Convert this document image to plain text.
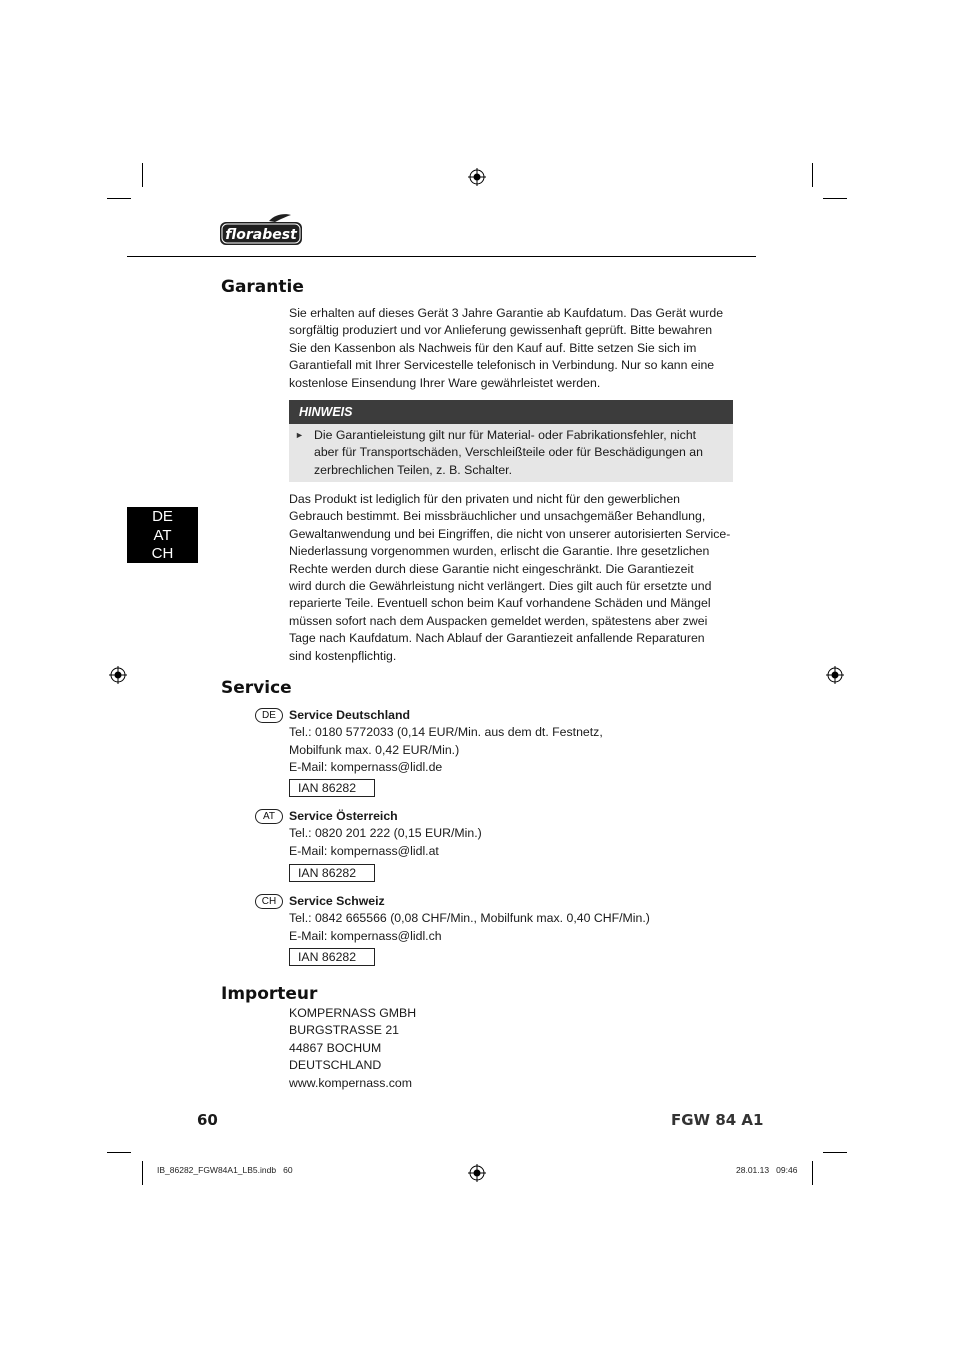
florabest
DE
AT
CH
Garantie

Sie erhalten auf dieses Gerät 3 Jahre Garantie ab Kaufdatum. Das Gerät wurde

sorgfältig produziert und vor Anlieferung gewissenhaft geprüft. Bitte bewahren

Sie den Kassenbon als Nachweis für den Kauf auf. Bitte setzen Sie sich im

Garantiefall mit Ihrer Servicestelle telefonisch in Verbindung. Nur so kann eine

kostenlose Einsendung Ihrer Ware gewährleistet werden.

HINWEIS
► Die Garantieleistung gilt nur für Material- oder Fabrikationsfehler, nicht
aber für Transportschäden, Verschleißteile oder für Beschädigungen an
zerbrechlichen Teilen, z. B. Schalter.

Das Produkt ist lediglich für den privaten und nicht für den gewerblichen

Gebrauch bestimmt. Bei missbräuchlicher und unsachgemäßer Behandlung,

Gewaltanwendung und bei Eingriffen, die nicht von unserer autorisierten Service-

Niederlassung vorgenommen wurden, erlischt die Garantie. Ihre gesetzlichen

Rechte werden durch diese Garantie nicht eingeschränkt. Die Garantiezeit

wird durch die Gewährleistung nicht verlängert. Dies gilt auch für ersetzte und

reparierte Teile. Eventuell schon beim Kauf vorhandene Schäden und Mängel

müssen sofort nach dem Auspacken gemeldet werden, spätestens aber zwei

Tage nach Kaufdatum. Nach Ablauf der Garantiezeit anfallende Reparaturen

sind kostenpflichtig.

Service
DE	Service Deutschland

Tel.: 0180 5772033 (0,14 EUR/Min. aus dem dt. Festnetz,

Mobilfunk max. 0,42 EUR/Min.)

E-Mail: kompernass@lidl.de

IAN 86282
AT	Service Österreich

Tel.: 0820 201 222 (0,15 EUR/Min.)

E-Mail: kompernass@lidl.at

IAN 86282
CH	Service Schweiz

Tel.: 0842 665566 (0,08 CHF/Min., Mobilfunk max. 0,40 CHF/Min.)

E-Mail: kompernass@lidl.ch

IAN 86282
Importeur

KOMPERNASS GMBH

BURGSTRASSE 21

44867 BOCHUM

DEUTSCHLAND

www.kompernass.com

60	FGW 84 A1
IB_86282_FGW84A1_LB5.indb   60	28.01.13   09:46
